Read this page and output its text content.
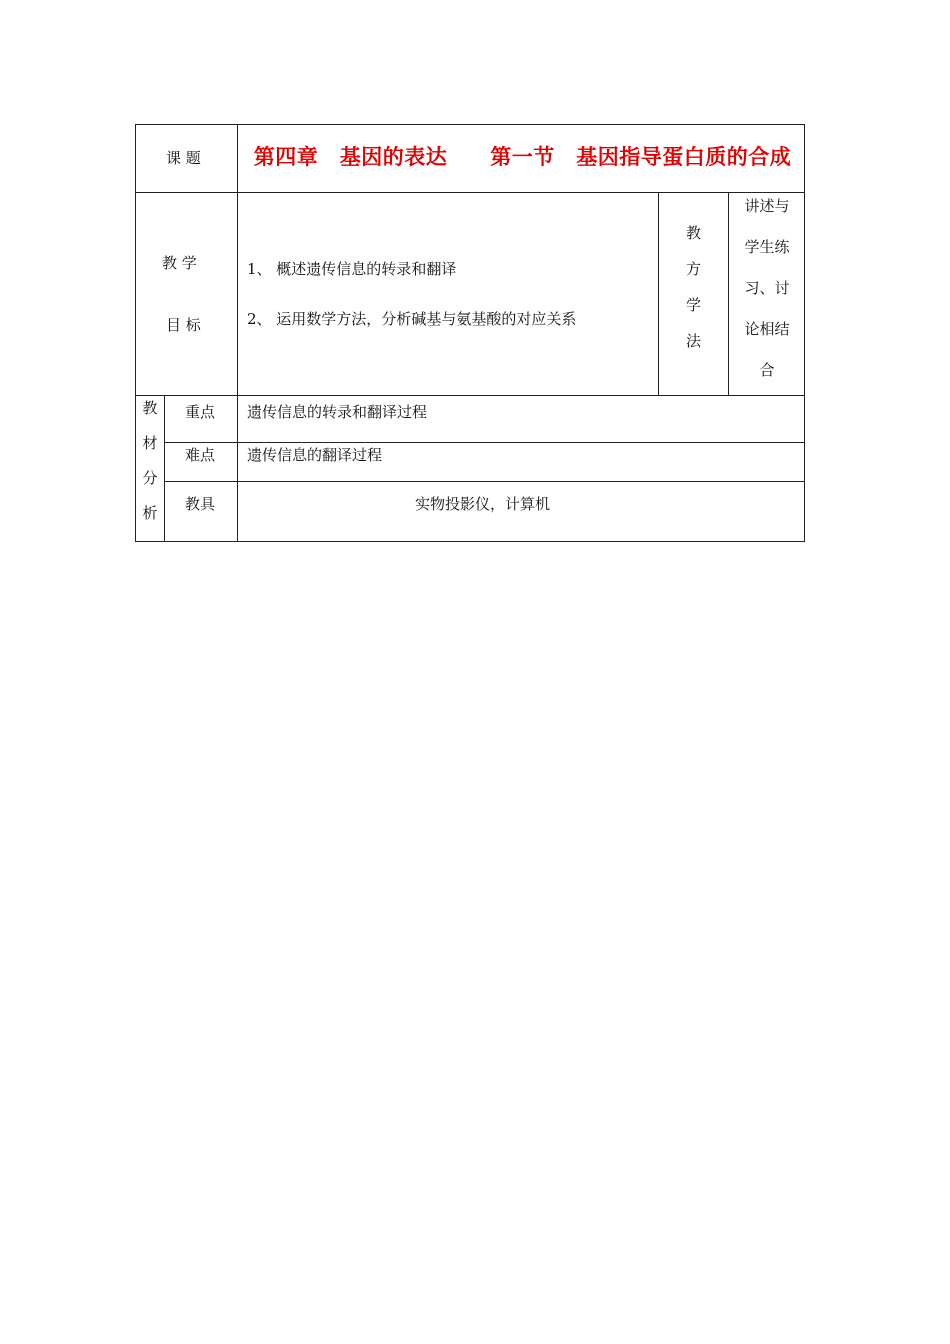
课 题	第四章　基因的表达　　第一节　基因指导蛋白质的合成
教 学
目 标
1、 概述遗传信息的转录和翻译
2、 运用数学方法，分析碱基与氨基酸的对应关系
教
方
学
法
讲述与
学生练
习、讨
论相结
合
教
材
分
析
重点 遗传信息的转录和翻译过程
难点 遗传信息的翻译过程
教具	实物投影仪，计算机
